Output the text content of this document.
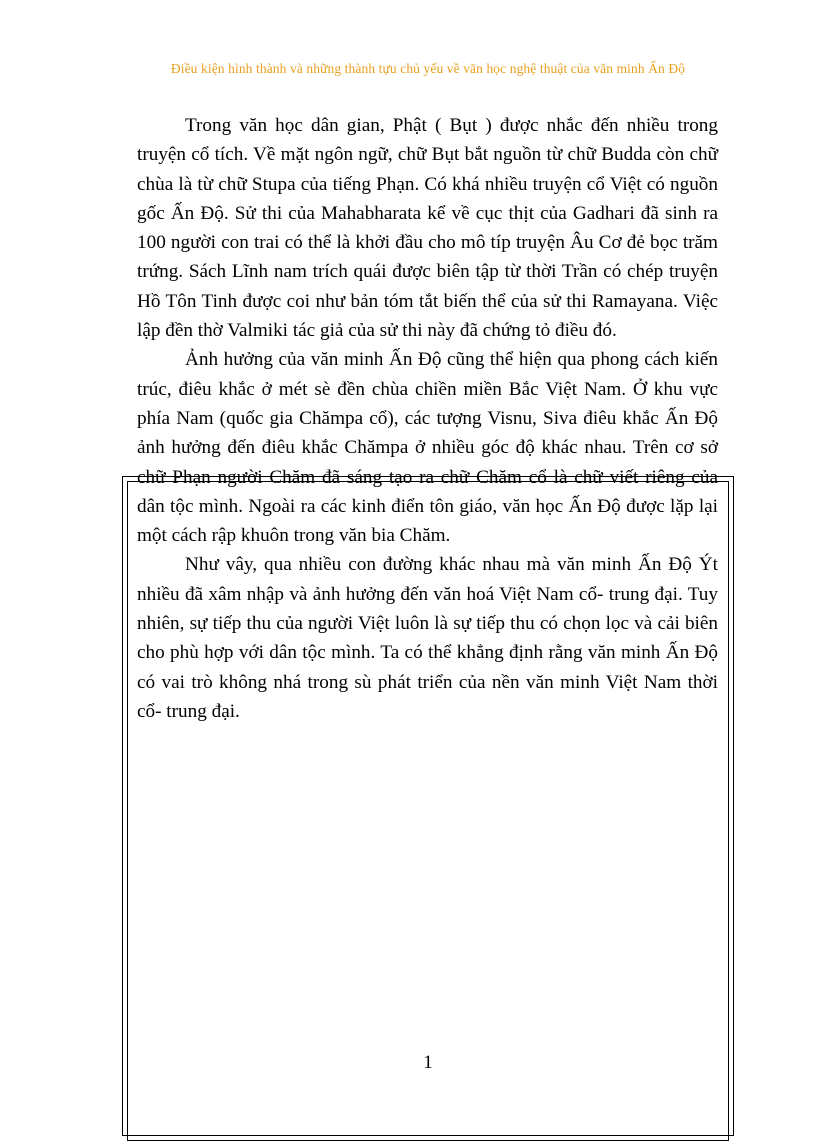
Điều kiện hình thành và những thành tựu chủ yếu về văn học nghệ thuật của văn minh Ấn Độ

Trong văn học dân gian, Phật ( Bụt ) được nhắc đến nhiều trong truyện cổ tích. Về mặt ngôn ngữ, chữ Bụt bắt nguồn từ chữ Budda còn chữ chùa là từ chữ Stupa của tiếng Phạn. Có khá nhiều truyện cổ Việt có nguồn gốc Ấn Độ. Sử thi của Mahabharata kể về cục thịt của Gadhari đã sinh ra 100 người con trai có thể là khởi đầu cho mô típ truyện Âu Cơ đẻ bọc trăm trứng. Sách Lĩnh nam trích quái được biên tập từ thời Trần có chép truyện Hồ Tôn Tinh được coi như bản tóm tắt biến thể của sử thi Ramayana. Việc lập đền thờ Valmiki tác giả của sử thi này đã chứng tỏ điều đó.

Ảnh hưởng của văn minh Ấn Độ cũng thể hiện qua phong cách kiến trúc, điêu khắc ở mét sè đền chùa chiền miền Bắc Việt Nam. Ở khu vực phía Nam (quốc gia Chămpa cổ), các tượng Visnu, Siva điêu khắc Ấn Độ ảnh hưởng đến điêu khắc Chămpa ở nhiều góc độ khác nhau. Trên cơ sở chữ Phạn người Chăm đã sáng tạo ra chữ Chăm cổ là chữ viết riêng của dân tộc mình. Ngoài ra các kinh điển tôn giáo, văn học Ấn Độ được lặp lại một cách rập khuôn trong văn bia Chăm.

Như vây, qua nhiều con đường khác nhau mà văn minh Ấn Độ Ýt nhiều đã xâm nhập và ảnh hưởng đến văn hoá Việt Nam cổ- trung đại. Tuy nhiên, sự tiếp thu của người Việt luôn là sự tiếp thu có chọn lọc và cải biên cho phù hợp với dân tộc mình. Ta có thể khẳng định rằng văn minh Ấn Độ có vai trò không nhá trong sù phát triển của nền văn minh Việt Nam thời cổ- trung đại.

1
